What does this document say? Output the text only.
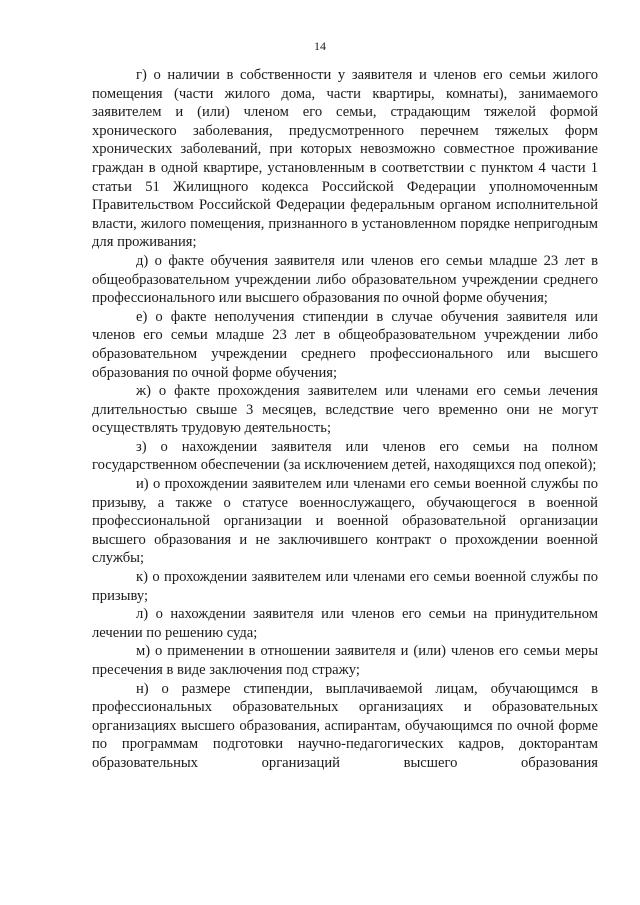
14

г) о наличии в собственности у заявителя и членов его семьи жилого помещения (части жилого дома, части квартиры, комнаты), занимаемого заявителем и (или) членом его семьи, страдающим тяжелой формой хронического заболевания, предусмотренного перечнем тяжелых форм хронических заболеваний, при которых невозможно совместное проживание граждан в одной квартире, установленным в соответствии с пунктом 4 части 1 статьи 51 Жилищного кодекса Российской Федерации уполномоченным Правительством Российской Федерации федеральным органом исполнительной власти, жилого помещения, признанного в установленном порядке непригодным для проживания;

д) о факте обучения заявителя или членов его семьи младше 23 лет в общеобразовательном учреждении либо образовательном учреждении среднего профессионального или высшего образования по очной форме обучения;

е) о факте неполучения стипендии в случае обучения заявителя или членов его семьи младше 23 лет в общеобразовательном учреждении либо образовательном учреждении среднего профессионального или высшего образования по очной форме обучения;

ж) о факте прохождения заявителем или членами его семьи лечения длительностью свыше 3 месяцев, вследствие чего временно они не могут осуществлять трудовую деятельность;

з) о нахождении заявителя или членов его семьи на полном государственном обеспечении (за исключением детей, находящихся под опекой);

и) о прохождении заявителем или членами его семьи военной службы по призыву, а также о статусе военнослужащего, обучающегося в военной профессиональной организации и военной образовательной организации высшего образования и не заключившего контракт о прохождении военной службы;

к) о прохождении заявителем или членами его семьи военной службы по призыву;

л) о нахождении заявителя или членов его семьи на принудительном лечении по решению суда;

м) о применении в отношении заявителя и (или) членов его семьи меры пресечения в виде заключения под стражу;

н) о размере стипендии, выплачиваемой лицам, обучающимся в профессиональных образовательных организациях и образовательных организациях высшего образования, аспирантам, обучающимся по очной форме по программам подготовки научно-педагогических кадров, докторантам образовательных организаций высшего образования
